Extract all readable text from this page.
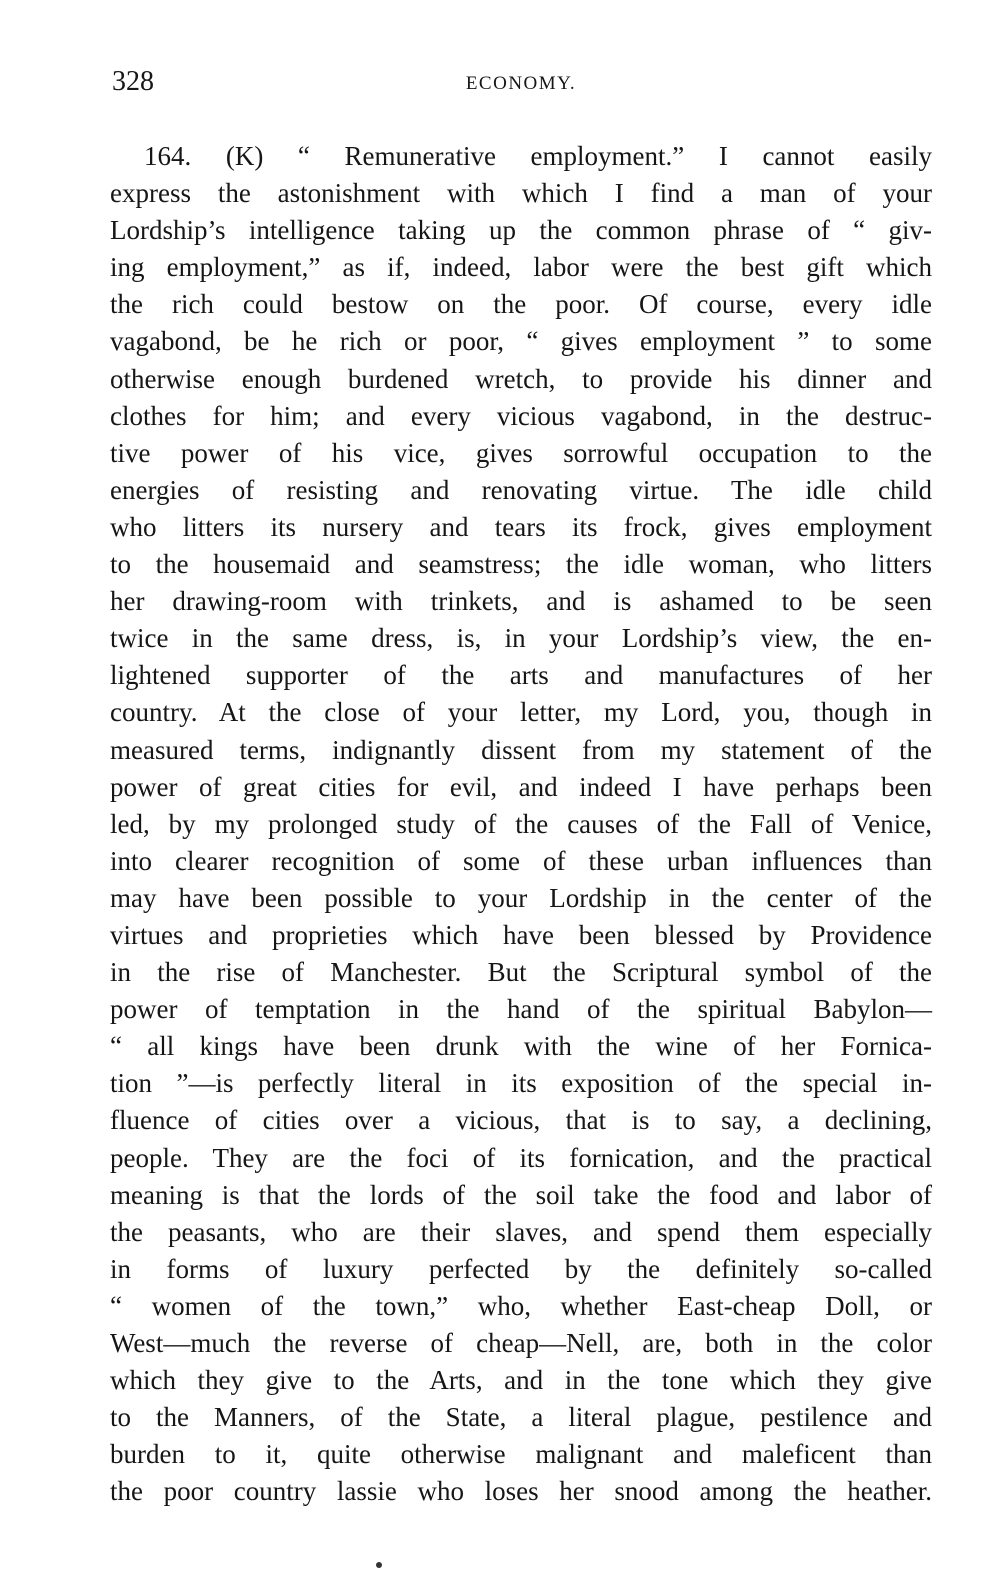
328	ECONOMY.
164. (K) “ Remunerative employment.” I cannot easily
express the astonishment with which I find a man of your
Lordship’s intelligence taking up the common phrase of “ giv-
ing employment,” as if, indeed, labor were the best gift which
the rich could bestow on the poor. Of course, every idle
vagabond, be he rich or poor, “ gives employment ” to some
otherwise enough burdened wretch, to provide his dinner and
clothes for him; and every vicious vagabond, in the destruc-
tive power of his vice, gives sorrowful occupation to the
energies of resisting and renovating virtue. The idle child
who litters its nursery and tears its frock, gives employment
to the housemaid and seamstress; the idle woman, who litters
her drawing-room with trinkets, and is ashamed to be seen
twice in the same dress, is, in your Lordship’s view, the en-
lightened supporter of the arts and manufactures of her
country. At the close of your letter, my Lord, you, though in
measured terms, indignantly dissent from my statement of the
power of great cities for evil, and indeed I have perhaps been
led, by my prolonged study of the causes of the Fall of Venice,
into clearer recognition of some of these urban influences than
may have been possible to your Lordship in the center of the
virtues and proprieties which have been blessed by Providence
in the rise of Manchester. But the Scriptural symbol of the
power of temptation in the hand of the spiritual Babylon—
“ all kings have been drunk with the wine of her Fornica-
tion ”—is perfectly literal in its exposition of the special in-
fluence of cities over a vicious, that is to say, a declining,
people. They are the foci of its fornication, and the practical
meaning is that the lords of the soil take the food and labor of
the peasants, who are their slaves, and spend them especially
in forms of luxury perfected by the definitely so-called
“ women of the town,” who, whether East-cheap Doll, or
West—much the reverse of cheap—Nell, are, both in the color
which they give to the Arts, and in the tone which they give
to the Manners, of the State, a literal plague, pestilence and
burden to it, quite otherwise malignant and maleficent than
the poor country lassie who loses her snood among the heather.
